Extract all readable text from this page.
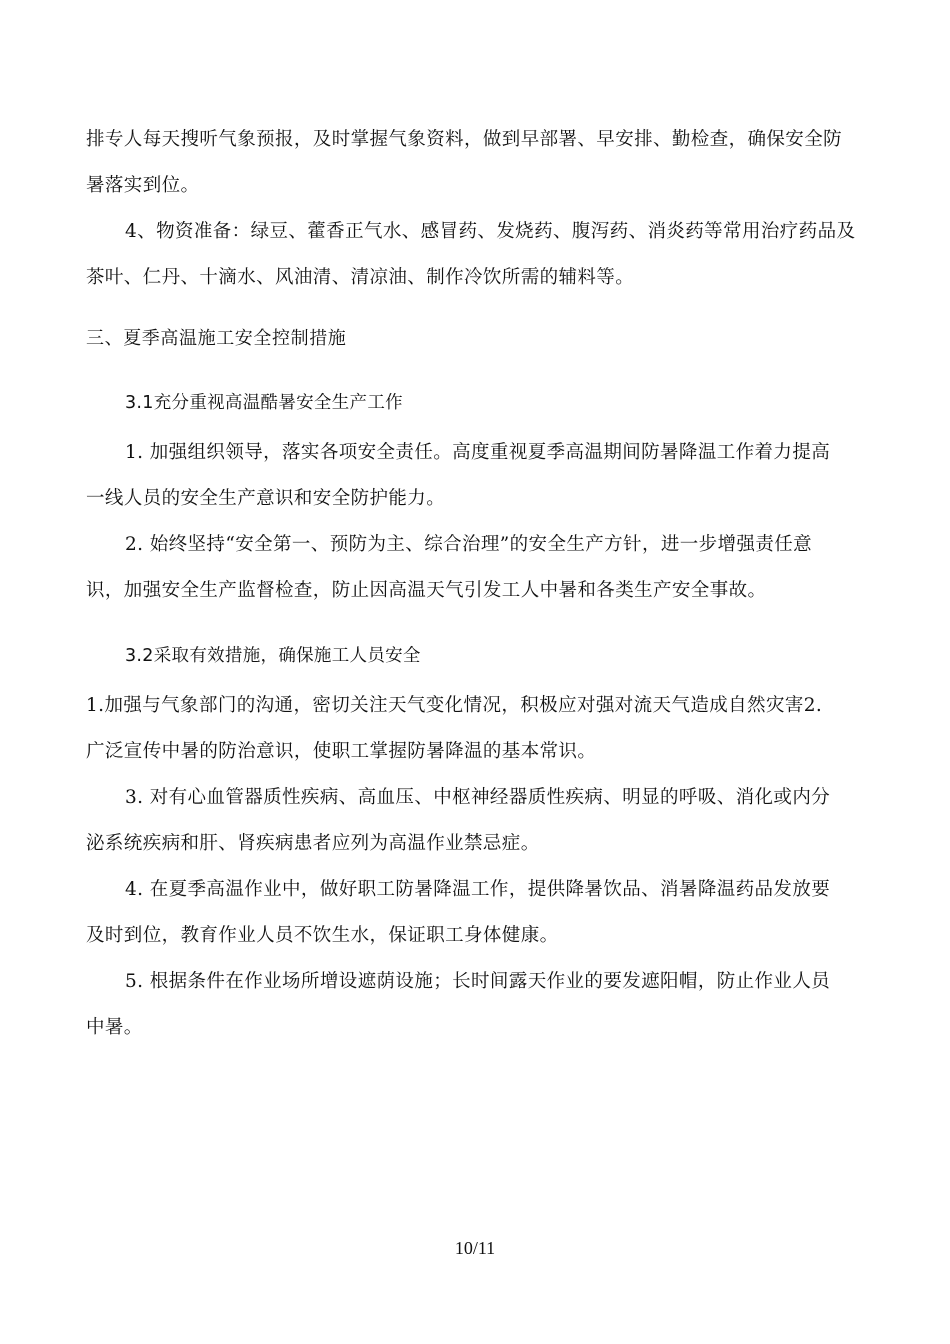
排专人每天搜听气象预报，及时掌握气象资料，做到早部署、早安排、勤检查，确保安全防
暑落实到位。
4、物资准备：绿豆、藿香正气水、感冒药、发烧药、腹泻药、消炎药等常用治疗药品及
茶叶、仁丹、十滴水、风油清、清凉油、制作冷饮所需的辅料等。
三、夏季高温施工安全控制措施
3.1充分重视高温酷暑安全生产工作
1. 加强组织领导，落实各项安全责任。高度重视夏季高温期间防暑降温工作着力提高
一线人员的安全生产意识和安全防护能力。
2. 始终坚持“安全第一、预防为主、综合治理”的安全生产方针，进一步增强责任意
识，加强安全生产监督检查，防止因高温天气引发工人中暑和各类生产安全事故。
3.2采取有效措施，确保施工人员安全
1.加强与气象部门的沟通，密切关注天气变化情况，积极应对强对流天气造成自然灾害2.
广泛宣传中暑的防治意识，使职工掌握防暑降温的基本常识。
3. 对有心血管器质性疾病、高血压、中枢神经器质性疾病、明显的呼吸、消化或内分
泌系统疾病和肝、肾疾病患者应列为高温作业禁忌症。
4. 在夏季高温作业中，做好职工防暑降温工作，提供降暑饮品、消暑降温药品发放要
及时到位，教育作业人员不饮生水，保证职工身体健康。
5. 根据条件在作业场所增设遮荫设施；长时间露天作业的要发遮阳帽，防止作业人员
中暑。
10/11
